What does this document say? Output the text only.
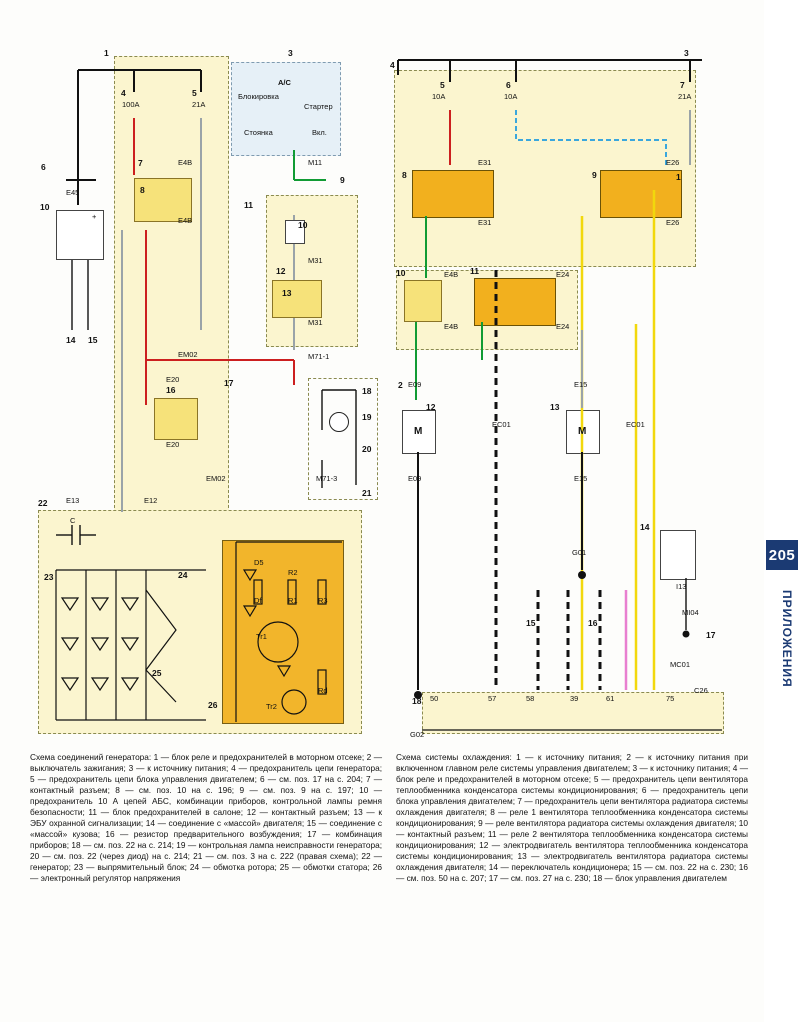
+
1	3
4	5
6	7
8
9
10	11
10
12
13
14 15
16
17
18
19
20
21
22
23	24
25
26
100A	21A
E4B
E4B
E45
E20
E20
EM02
EM02
M31
M31
M11
M71-1
M71-3
E13	E12
А/С
Блокировка
Стартер
Стоянка	Вкл.
С
D5
R2
Df	R1	R3
Tr1
Tr2
Rd
4
3
5	6	7
8	9
10	11
12	13
14
15	16
17
18
1
2
10A	10A	21A
E31
E31
E26
E26
E4B
E4B
E24
E24
E09
E09
E15
E15
EC01	EC01
G01
G02
I13
MI04
MC01
C26
50	57	58	39	61	75
M	M
Схема соединений генератора: 1 — блок реле и предохранителей в моторном отсеке; 2 — выключатель зажигания; 3 — к источнику питания; 4 — предохранитель цепи генератора; 5 — предохранитель цепи блока управления двигателем; 6 — см. поз. 17 на с. 204; 7 — контактный разъем; 8 — см. поз. 10 на с. 196; 9 — см. поз. 9 на с. 197; 10 — предохранитель 10 А цепей АБС, комбинации приборов, контрольной лампы ремня безопасности; 11 — блок предохранителей в салоне; 12 — контактный разъем; 13 — к ЭБУ охранной сигнализации; 14 — соединение с «массой» двигателя; 15 — соединение с «массой» кузова; 16 — резистор предварительного возбуждения; 17 — комбинация приборов; 18 — см. поз. 22 на с. 214; 19 — контрольная лампа неисправности генератора; 20 — см. поз. 22 (через диод) на с. 214; 21 — см. поз. 3 на с. 222 (правая схема); 22 — генератор; 23 — выпрямительный блок; 24 — обмотка ротора; 25 — обмотки статора; 26 — электронный регулятор напряжения
Схема системы охлаждения: 1 — к источнику питания; 2 — к источнику питания при включенном главном реле системы управления двигателем; 3 — к источнику питания; 4 — блок реле и предохранителей в моторном отсеке; 5 — предохранитель цепи вентилятора теплообменника конденсатора системы кондиционирования; 6 — предохранитель цепи блока управления двигателем; 7 — предохранитель цепи вентилятора радиатора системы охлаждения двигателя; 8 — реле 1 вентилятора теплообменника конденсатора системы кондиционирования; 9 — реле вентилятора радиатора системы охлаждения двигателя; 10 — контактный разъем; 11 — реле 2 вентилятора теплообменника конденсатора системы кондиционирования; 12 — электродвигатель вентилятора теплообменника конденсатора системы кондиционирования; 13 — электродвигатель вентилятора радиатора системы охлаждения двигателя; 14 — переключатель кондиционера; 15 — см. поз. 22 на с. 230; 16 — см. поз. 50 на с. 207; 17 — см. поз. 27 на с. 230; 18 — блок управления двигателем
205
ПРИЛОЖЕНИЯ
